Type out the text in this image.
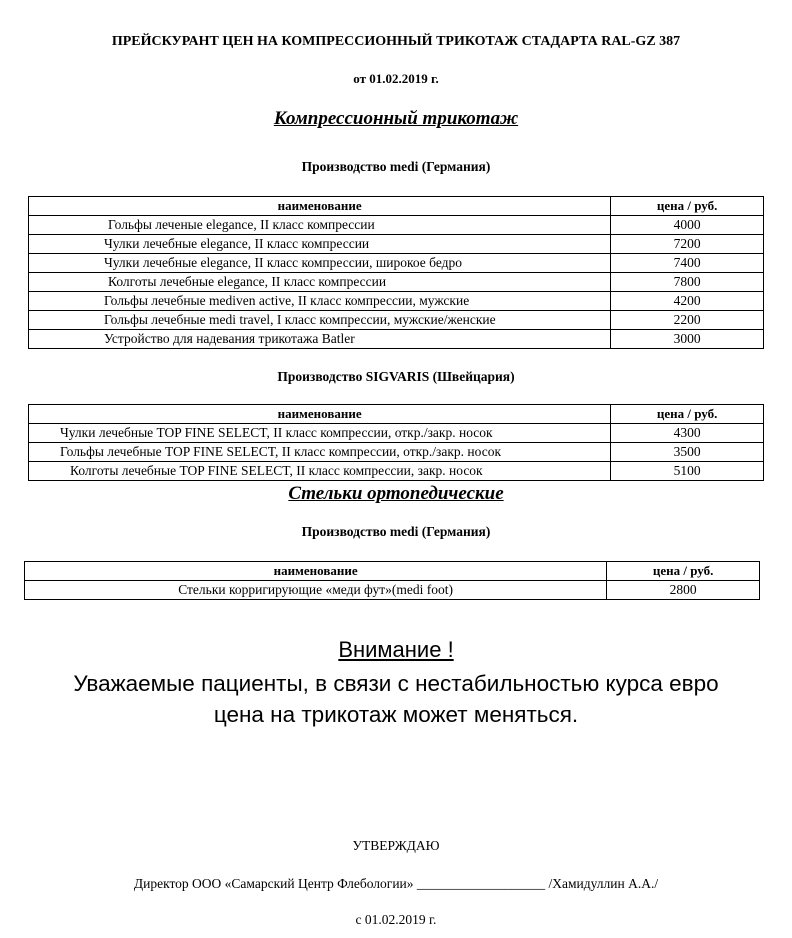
ПРЕЙСКУРАНТ ЦЕН НА КОМПРЕССИОННЫЙ ТРИКОТАЖ СТАДАРТА RAL-GZ 387
от 01.02.2019 г.
Компрессионный трикотаж
Производство medi (Германия)
наименование	цена / руб.
Гольфы леченые elegance, II класс компрессии	4000
Чулки лечебные elegance, II класс компрессии	7200
Чулки лечебные elegance, II класс компрессии, широкое бедро	7400
Колготы лечебные elegance, II класс компрессии	7800
Гольфы лечебные mediven active, II класс компрессии, мужские	4200
Гольфы лечебные medi travel, I класс компрессии, мужские/женские	2200
Устройство для надевания трикотажа Batler	3000
Производство SIGVARIS (Швейцария)
наименование	цена / руб.
Чулки лечебные TOP FINE SELECT, II класс компрессии, откр./закр. носок	4300
Гольфы лечебные TOP FINE SELECT, II класс компрессии, откр./закр. носок	3500
Колготы лечебные TOP FINE SELECT, II класс компрессии, закр. носок	5100
Стельки ортопедические
Производство medi (Германия)
наименование	цена / руб.
Стельки корригирующие «меди фут»(medi foot)	2800
Внимание !
Уважаемые пациенты, в связи с нестабильностью курса евро
цена на трикотаж может меняться.
УТВЕРЖДАЮ
Директор ООО «Самарский Центр Флебологии» ___________________ /Хамидуллин А.А./
с 01.02.2019 г.
